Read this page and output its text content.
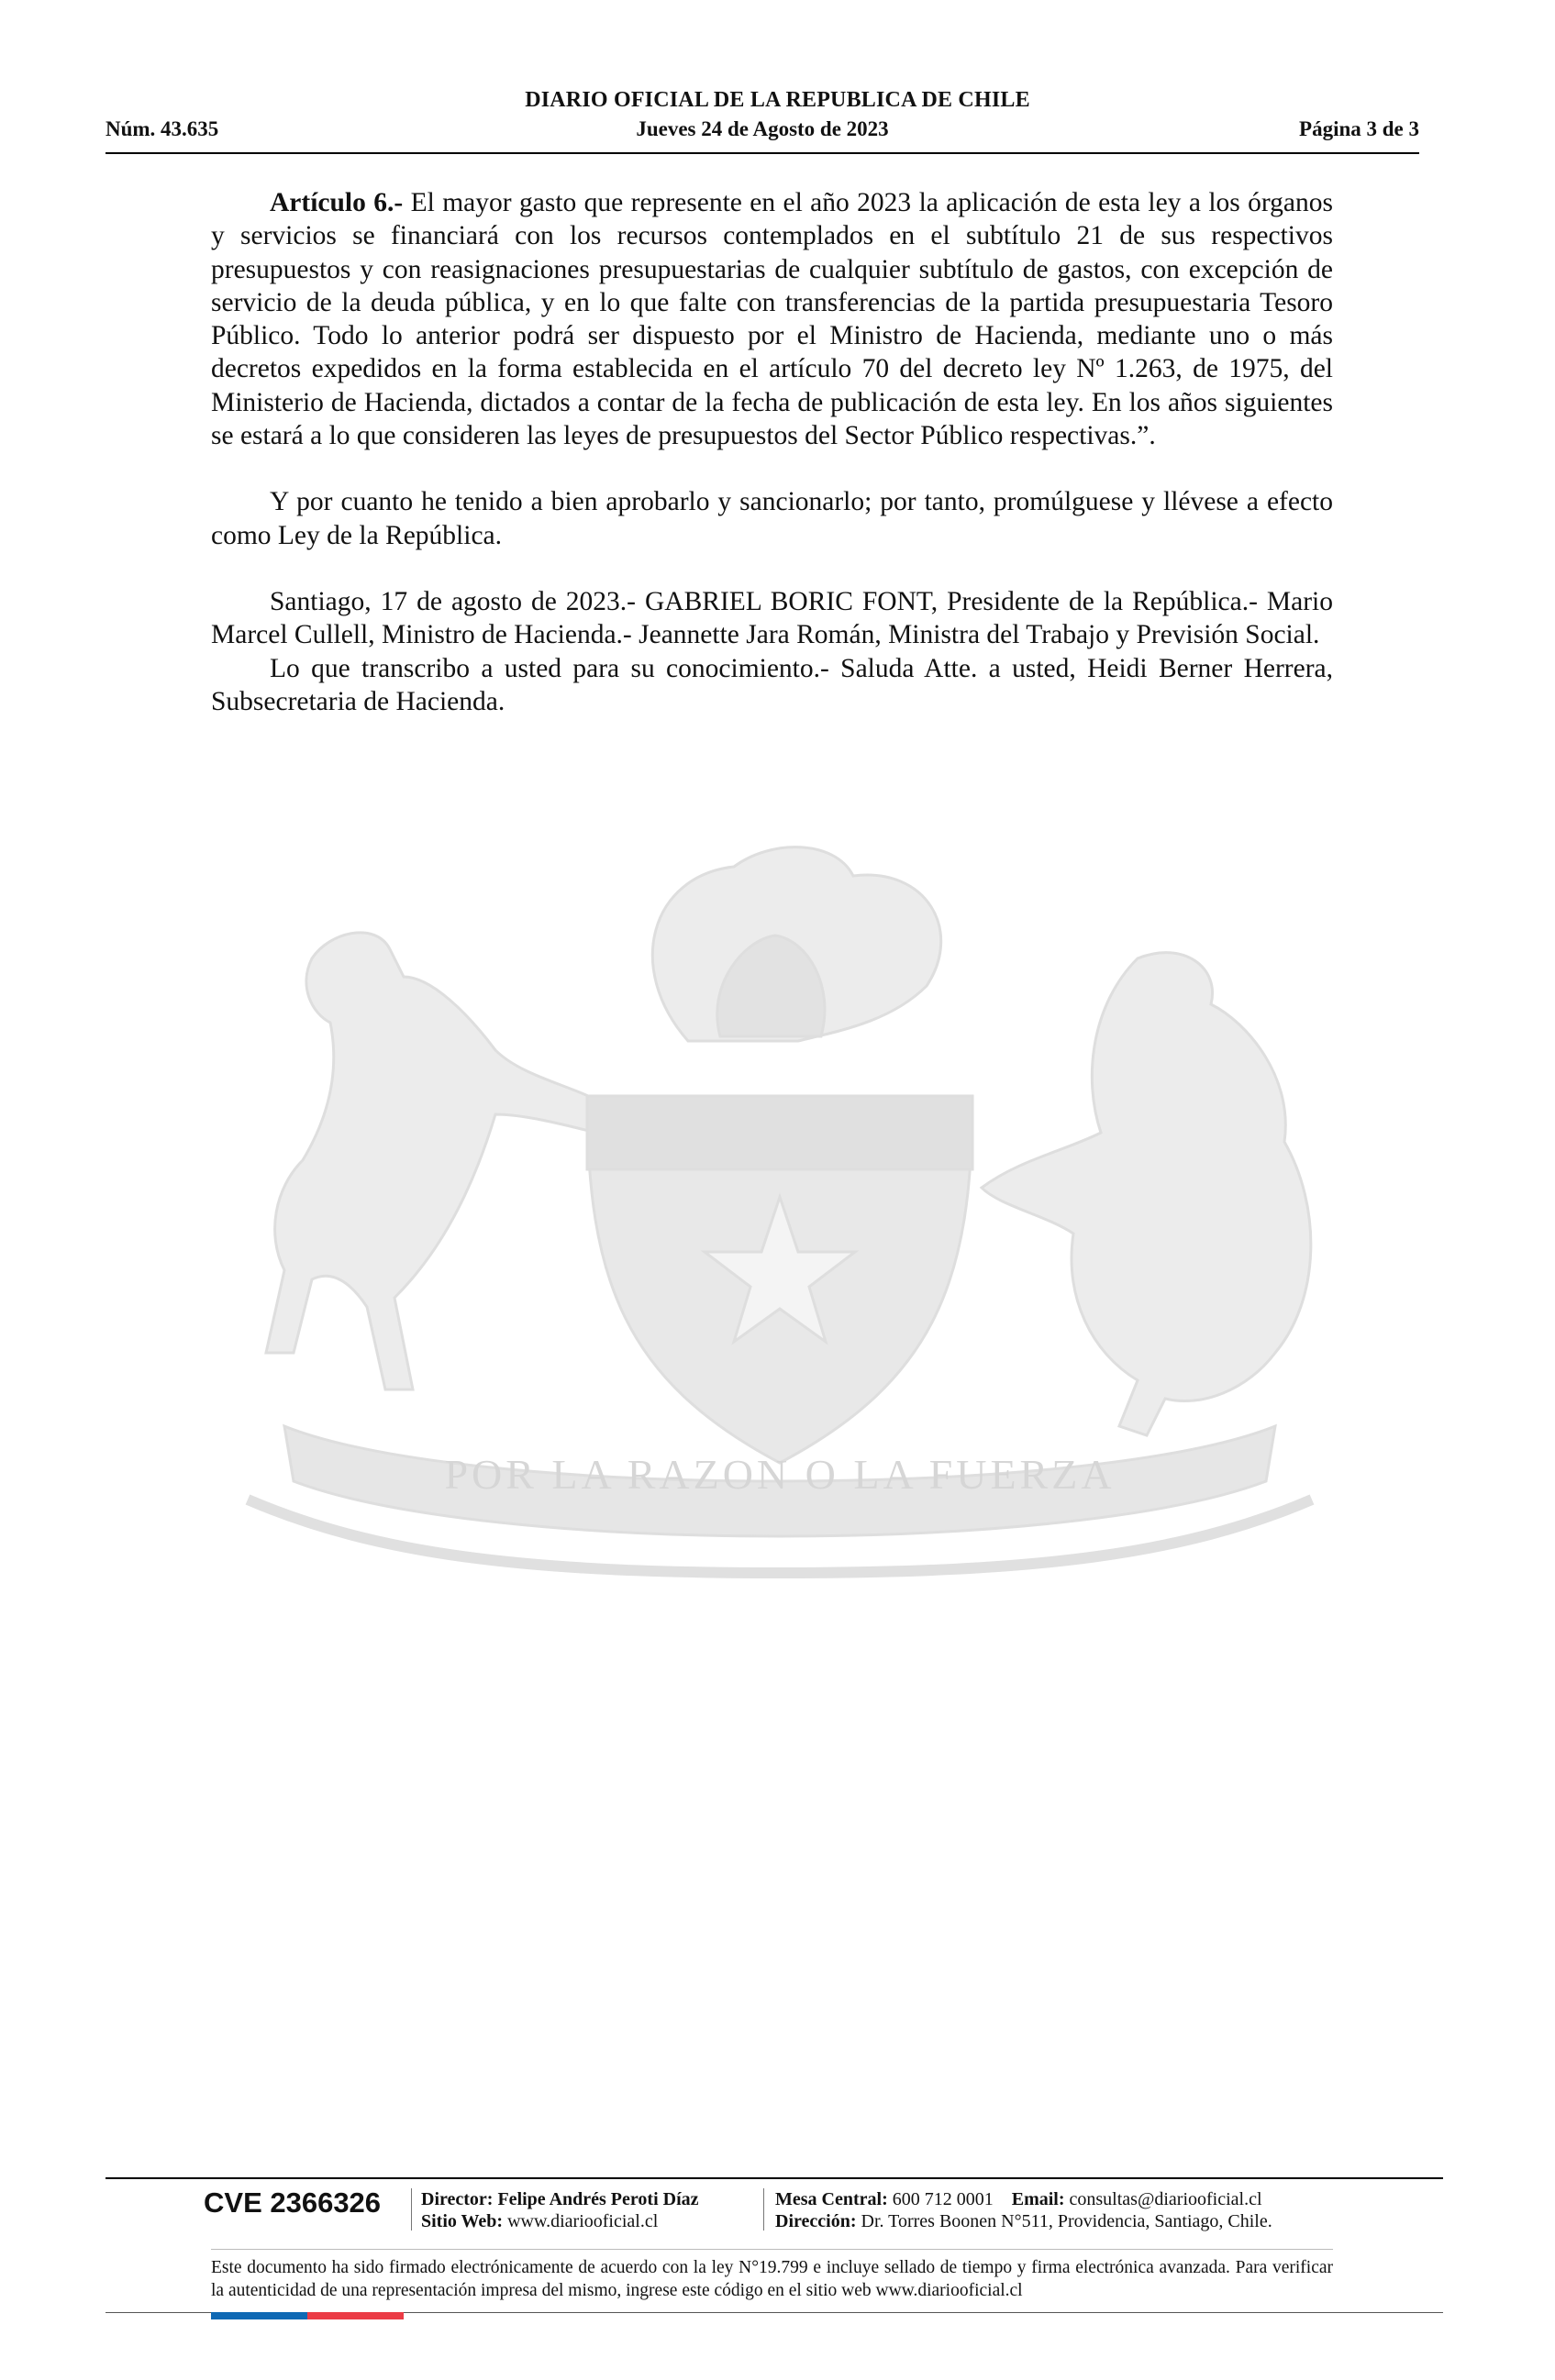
DIARIO OFICIAL DE LA REPUBLICA DE CHILE
Núm. 43.635	Jueves 24 de Agosto de 2023	Página 3 de 3

Artículo 6.- El mayor gasto que represente en el año 2023 la aplicación de esta ley a los órganos y servicios se financiará con los recursos contemplados en el subtítulo 21 de sus respectivos presupuestos y con reasignaciones presupuestarias de cualquier subtítulo de gastos, con excepción de servicio de la deuda pública, y en lo que falte con transferencias de la partida presupuestaria Tesoro Público. Todo lo anterior podrá ser dispuesto por el Ministro de Hacienda, mediante uno o más decretos expedidos en la forma establecida en el artículo 70 del decreto ley Nº 1.263, de 1975, del Ministerio de Hacienda, dictados a contar de la fecha de publicación de esta ley. En los años siguientes se estará a lo que consideren las leyes de presupuestos del Sector Público respectivas.”.

Y por cuanto he tenido a bien aprobarlo y sancionarlo; por tanto, promúlguese y llévese a efecto como Ley de la República.

Santiago, 17 de agosto de 2023.- GABRIEL BORIC FONT, Presidente de la República.- Mario Marcel Cullell, Ministro de Hacienda.- Jeannette Jara Román, Ministra del Trabajo y Previsión Social.

Lo que transcribo a usted para su conocimiento.- Saluda Atte. a usted, Heidi Berner Herrera, Subsecretaria de Hacienda.

POR LA RAZON O LA FUERZA
CVE 2366326 Director: Felipe Andrés Peroti Díaz
Sitio Web: www.diariooficial.cl
Mesa Central: 600 712 0001 Email: consultas@diariooficial.cl
Dirección: Dr. Torres Boonen N°511, Providencia, Santiago, Chile.
Este documento ha sido firmado electrónicamente de acuerdo con la ley N°19.799 e incluye sellado de tiempo y firma electrónica avanzada. Para verificar la autenticidad de una representación impresa del mismo, ingrese este código en el sitio web www.diariooficial.cl
